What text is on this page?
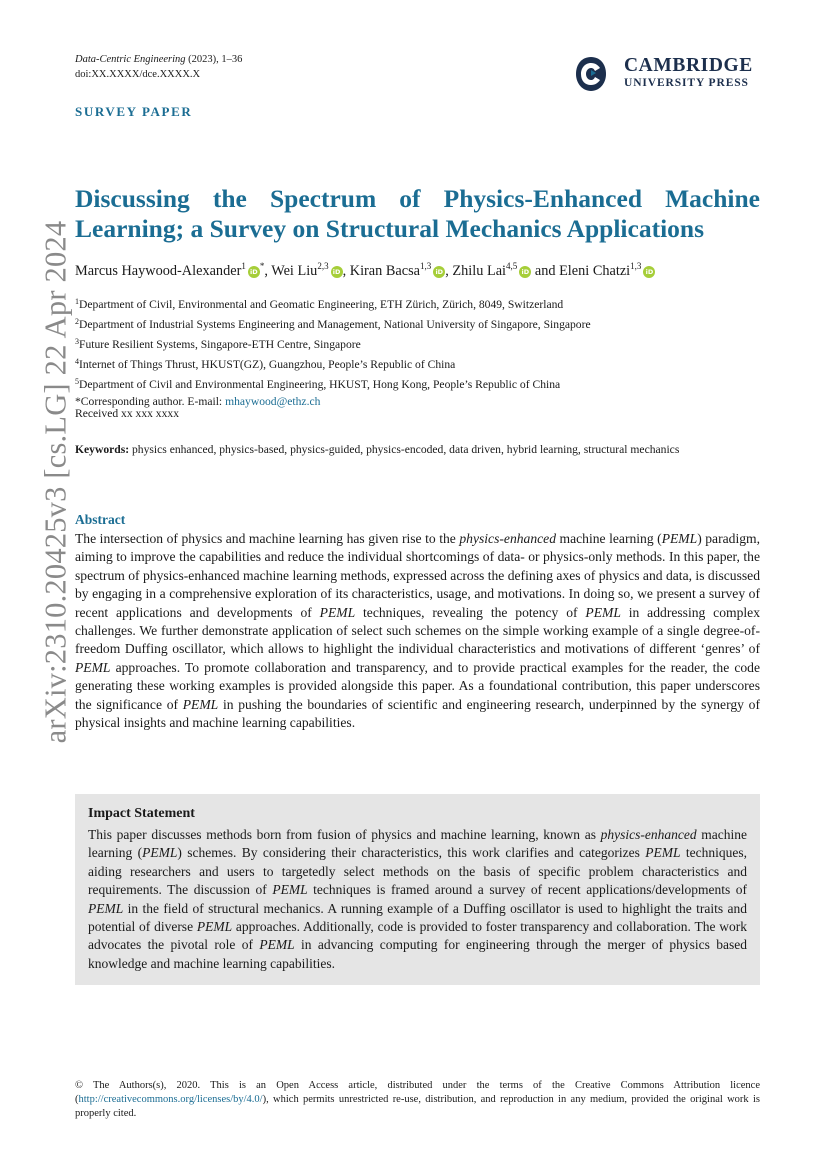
Data-Centric Engineering (2023), 1–36
doi:XX.XXXX/dce.XXXX.X	CAMBRIDGE
UNIVERSITY PRESS
SURVEY PAPER
arXiv:2310.20425v3 [cs.LG] 22 Apr 2024
Discussing the Spectrum of Physics-Enhanced Machine
Learning; a Survey on Structural Mechanics Applications
Marcus Haywood-Alexander$^1$iD*, Wei Liu$^{2,3}$iD , Kiran Bacsa$^{1,3}$iD , Zhilu Lai$^{4,5}$iD and Eleni Chatzi$^{1,3}$iD
$^1$Department of Civil, Environmental and Geomatic Engineering, ETH Zürich, Zürich, 8049, Switzerland
$^2$Department of Industrial Systems Engineering and Management, National University of Singapore, Singapore
$^3$Future Resilient Systems, Singapore-ETH Centre, Singapore
$^4$Internet of Things Thrust, HKUST(GZ), Guangzhou, People’s Republic of China
$^5$Department of Civil and Environmental Engineering, HKUST, Hong Kong, People’s Republic of China
*Corresponding author. E-mail: mhaywood@ethz.ch
Received xx xxx xxxx
Keywords: physics enhanced, physics-based, physics-guided, physics-encoded, data driven, hybrid learning, structural mechanics
Abstract
The intersection of physics and machine learning has given rise to the physics-enhanced machine learning (PEML) paradigm, aiming to improve the capabilities and reduce the individual shortcomings of data- or physics-only methods. In this paper, the spectrum of physics-enhanced machine learning methods, expressed across the defining axes of physics and data, is discussed by engaging in a comprehensive exploration of its characteristics, usage, and motivations. In doing so, we present a survey of recent applications and developments of PEML techniques, revealing the potency of PEML in addressing complex challenges. We further demonstrate application of select such schemes on the simple working example of a single degree-of-freedom Duffing oscillator, which allows to highlight the individual characteristics and motivations of different ‘genres’ of PEML approaches. To promote collaboration and transparency, and to provide practical examples for the reader, the code generating these working examples is provided alongside this paper. As a foundational contribution, this paper underscores the significance of PEML in pushing the boundaries of scientific and engineering research, underpinned by the synergy of physical insights and machine learning capabilities.
Impact Statement
This paper discusses methods born from fusion of physics and machine learning, known as physics-enhanced machine learning (PEML) schemes. By considering their characteristics, this work clarifies and categorizes PEML techniques, aiding researchers and users to targetedly select methods on the basis of specific problem characteristics and requirements. The discussion of PEML techniques is framed around a survey of recent applications/developments of PEML in the field of structural mechanics. A running example of a Duffing oscillator is used to highlight the traits and potential of diverse PEML approaches. Additionally, code is provided to foster transparency and collaboration. The work advocates the pivotal role of PEML in advancing computing for engineering through the merger of physics based knowledge and machine learning capabilities.
© The Authors(s), 2020. This is an Open Access article, distributed under the terms of the Creative Commons Attribution licence (http://creativecommons.org/licenses/by/4.0/), which permits unrestricted re-use, distribution, and reproduction in any medium, provided the original work is properly cited.
